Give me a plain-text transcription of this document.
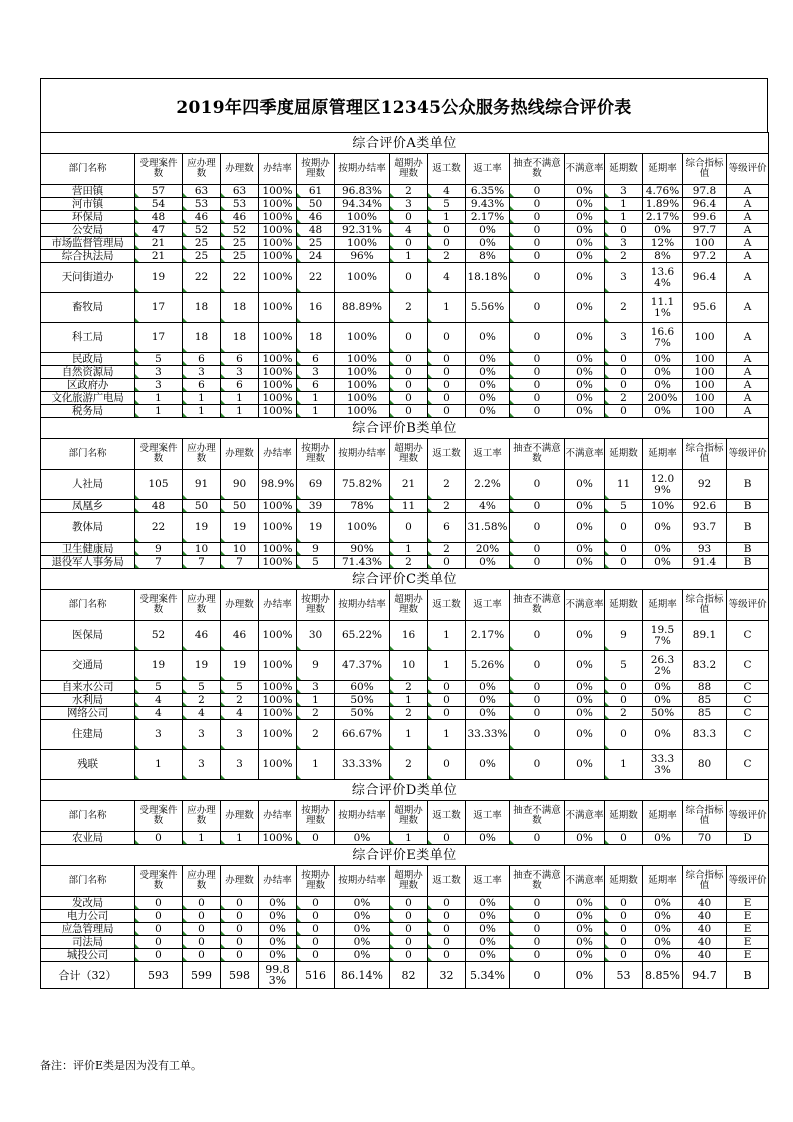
2019年四季度屈原管理区12345公众服务热线综合评价表
综合评价A类单位															
部门名称	受理案件数	应办理数	办理数	办结率	按期办理数	按期办结率	超期办理数	返工数	返工率	抽查不满意数	不满意率	延期数	延期率	综合指标值	等级评价
营田镇	57	63	63	100%	61	96.83%	2	4	6.35%	0	0%	3	4.76%	97.8	A
河市镇	54	53	53	100%	50	94.34%	3	5	9.43%	0	0%	1	1.89%	96.4	A
环保局	48	46	46	100%	46	100%	0	1	2.17%	0	0%	1	2.17%	99.6	A
公安局	47	52	52	100%	48	92.31%	4	0	0%	0	0%	0	0%	97.7	A
市场监督管理局	21	25	25	100%	25	100%	0	0	0%	0	0%	3	12%	100	A
综合执法局	21	25	25	100%	24	96%	1	2	8%	0	0%	2	8%	97.2	A
天问街道办	19	22	22	100%	22	100%	0	4	18.18%	0	0%	3	13.64%	96.4	A
畜牧局	17	18	18	100%	16	88.89%	2	1	5.56%	0	0%	2	11.11%	95.6	A
科工局	17	18	18	100%	18	100%	0	0	0%	0	0%	3	16.67%	100	A
民政局	5	6	6	100%	6	100%	0	0	0%	0	0%	0	0%	100	A
自然资源局	3	3	3	100%	3	100%	0	0	0%	0	0%	0	0%	100	A
区政府办	3	6	6	100%	6	100%	0	0	0%	0	0%	0	0%	100	A
文化旅游广电局	1	1	1	100%	1	100%	0	0	0%	0	0%	2	200%	100	A
税务局	1	1	1	100%	1	100%	0	0	0%	0	0%	0	0%	100	A
综合评价B类单位															
部门名称	受理案件数	应办理数	办理数	办结率	按期办理数	按期办结率	超期办理数	返工数	返工率	抽查不满意数	不满意率	延期数	延期率	综合指标值	等级评价
人社局	105	91	90	98.9%	69	75.82%	21	2	2.2%	0	0%	11	12.09%	92	B
凤凰乡	48	50	50	100%	39	78%	11	2	4%	0	0%	5	10%	92.6	B
教体局	22	19	19	100%	19	100%	0	6	31.58%	0	0%	0	0%	93.7	B
卫生健康局	9	10	10	100%	9	90%	1	2	20%	0	0%	0	0%	93	B
退役军人事务局	7	7	7	100%	5	71.43%	2	0	0%	0	0%	0	0%	91.4	B
综合评价C类单位															
部门名称	受理案件数	应办理数	办理数	办结率	按期办理数	按期办结率	超期办理数	返工数	返工率	抽查不满意数	不满意率	延期数	延期率	综合指标值	等级评价
医保局	52	46	46	100%	30	65.22%	16	1	2.17%	0	0%	9	19.57%	89.1	C
交通局	19	19	19	100%	9	47.37%	10	1	5.26%	0	0%	5	26.32%	83.2	C
自来水公司	5	5	5	100%	3	60%	2	0	0%	0	0%	0	0%	88	C
水利局	4	2	2	100%	1	50%	1	0	0%	0	0%	0	0%	85	C
网络公司	4	4	4	100%	2	50%	2	0	0%	0	0%	2	50%	85	C
住建局	3	3	3	100%	2	66.67%	1	1	33.33%	0	0%	0	0%	83.3	C
残联	1	3	3	100%	1	33.33%	2	0	0%	0	0%	1	33.33%	80	C
综合评价D类单位															
部门名称	受理案件数	应办理数	办理数	办结率	按期办理数	按期办结率	超期办理数	返工数	返工率	抽查不满意数	不满意率	延期数	延期率	综合指标值	等级评价
农业局	0	1	1	100%	0	0%	1	0	0%	0	0%	0	0%	70	D
综合评价E类单位															
部门名称	受理案件数	应办理数	办理数	办结率	按期办理数	按期办结率	超期办理数	返工数	返工率	抽查不满意数	不满意率	延期数	延期率	综合指标值	等级评价
发改局	0	0	0	0%	0	0%	0	0	0%	0	0%	0	0%	40	E
电力公司	0	0	0	0%	0	0%	0	0	0%	0	0%	0	0%	40	E
应急管理局	0	0	0	0%	0	0%	0	0	0%	0	0%	0	0%	40	E
司法局	0	0	0	0%	0	0%	0	0	0%	0	0%	0	0%	40	E
城投公司	0	0	0	0%	0	0%	0	0	0%	0	0%	0	0%	40	E
合计（32）	593	599	598	99.83%	516	86.14%	82	32	5.34%	0	0%	53	8.85%	94.7	B
备注：评价E类是因为没有工单。
